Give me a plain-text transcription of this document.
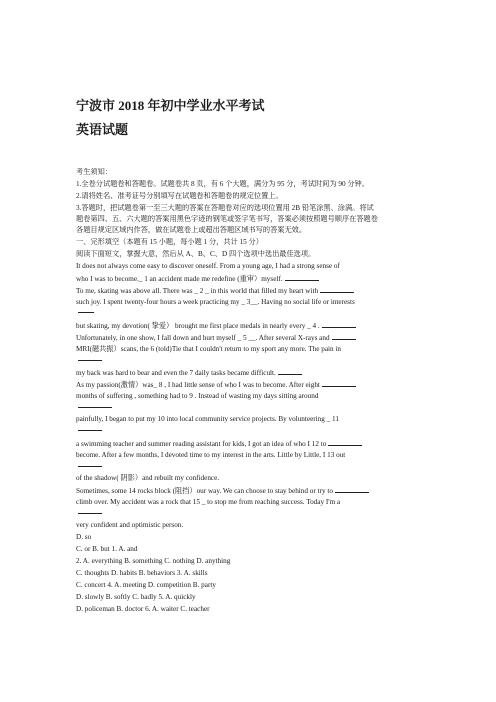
宁波市 2018 年初中学业水平考试
英语试题
考生须知：
1.全卷分试题卷和答题卷。试题卷共 8 页，有 6 个大题，满分为 95 分，考试时间为 90 分钟。
2.请将姓名、准考证号分别填写在试题卷和答题卷的规定位置上。
3.答题时，把试题卷第一至三大题的答案在答题卷对应的选项位置用 2B 铅笔涂黑、涂满。将试
题卷第四、五、六大题的答案用黑色字迹的钢笔或签字笔书写，答案必须按照题号顺序在答题卷
各题目规定区域内作答，做在试题卷上或超出答题区域书写的答案无效。
一、完形填空（本题有 15 小题，每小题 1 分，共计 15 分）
阅读下面短文，掌握大意，然后从 A、B、C、D 四个选项中选出最佳选项。
It does not always come easy to discover oneself. From a young age, I had a strong sense of
who I was to become._ 1 an accident made me redefine (重审）myself.
To me, skating was above all. There was _ 2 _ in this world that filled my heart with
such joy. I spent twenty-four hours a week practicing my _ 3__. Having no social life or interests
but skating, my devotion( 挚爱） brought me first place medals in nearly every _ 4 .
Unfortunately, in one show, I fall down and hurt myself _ 5 __. After several X-rays and
MRI(磁共振）scans, the 6 (told)Tie that I couldn't return to my sport any more. The pain in
my back was hard to bear and even the 7 daily tasks became difficult.
As my passion(激情）was_ 8 , I had little sense of who I was to become. After eight
months of suffering , something had to 9 . Instead of wasting my days sitting around
painfully, I began to put my 10 into local community service projects. By volunteering _ 11
a swimming teacher and summer reading assistant for kids, I got an idea of who I 12 to
become. After a few months, I devoted time to my interest in the arts. Little by Little, I 13 out
of the shadow( 阴影）and rebuilt my confidence.
Sometimes, some 14 rocks block (阻挡）our way. We can choose to stay behind or try to
climb over. My accident was a rock that 15 _ to stop me from reaching success. Today I'm a
very confident and optimistic person.
D. so
C. or B. but 1. A. and
2. A. everything B. something C. nothing D. anything
C. thoughts D. habits B. behaviors 3. A. skills
C. concert 4. A. meeting D. competition B. party
D. slowly B. softly C. badly 5. A. quickly
D. policeman B. doctor 6. A. waiter C. teacher
